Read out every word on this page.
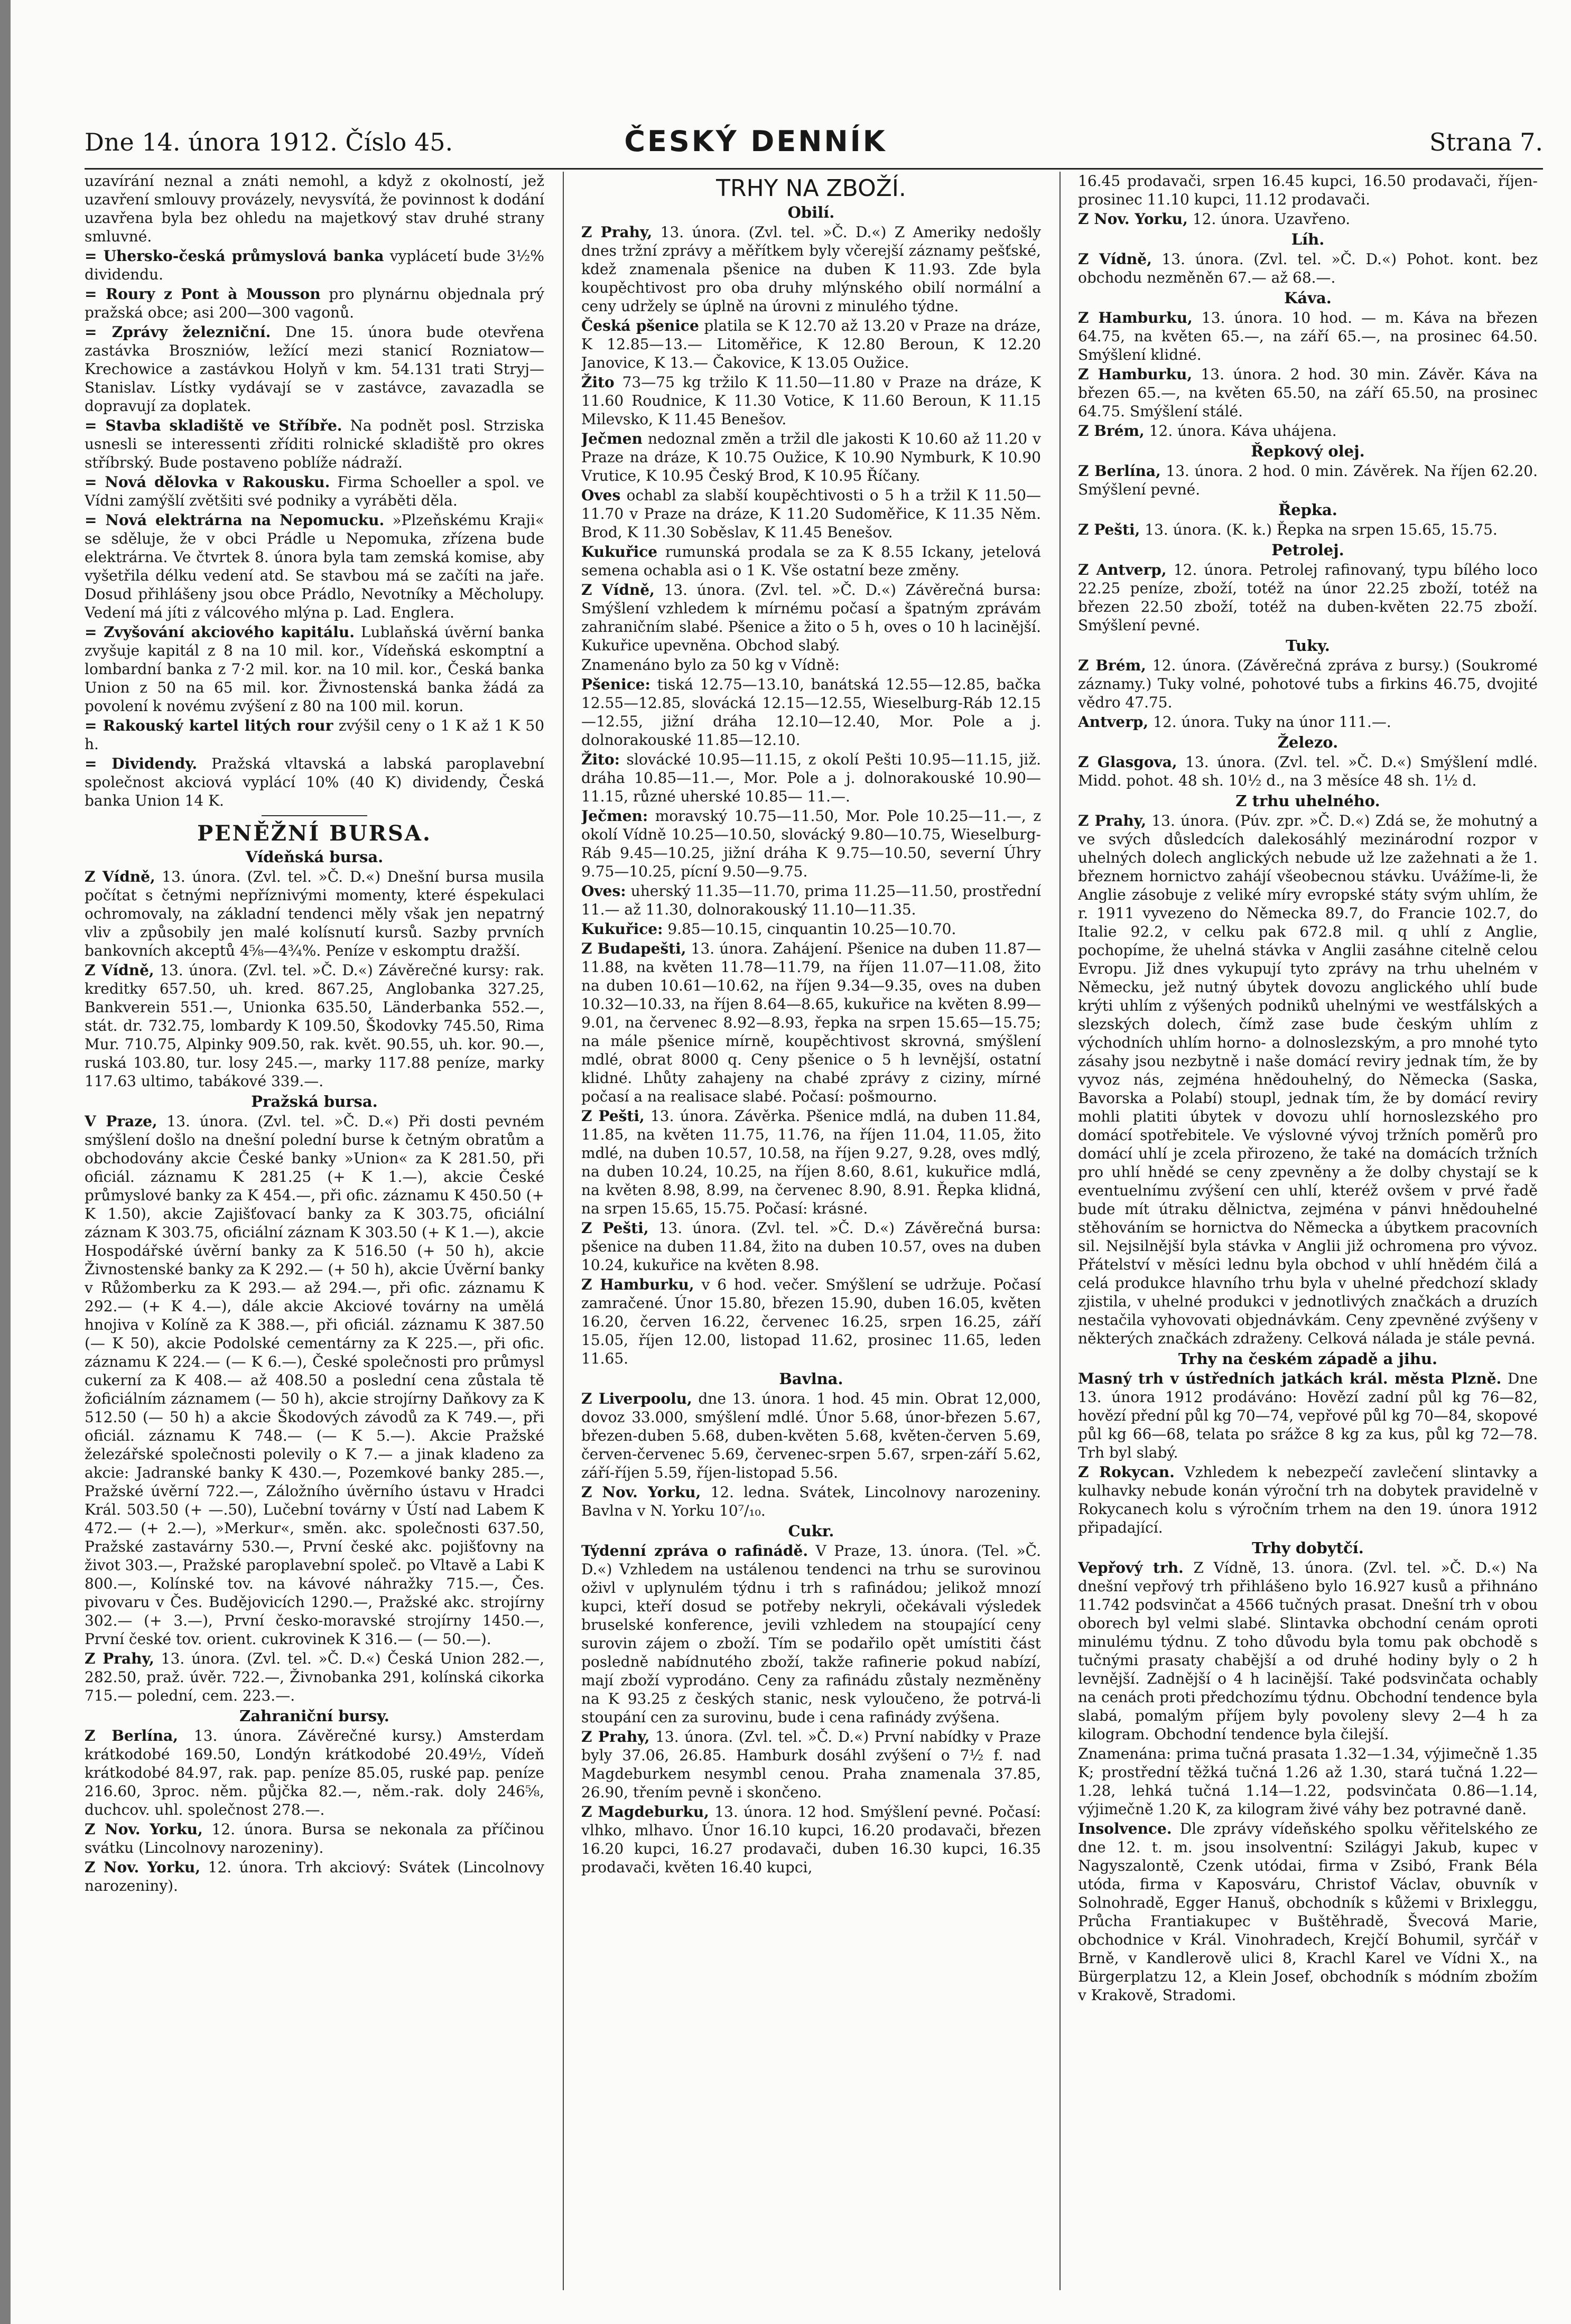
Dne 14. února 1912. Číslo 45.	ČESKÝ DENNÍK	Strana 7.

uzavírání neznal a znáti nemohl, a když z okolností, jež uzavření smlouvy provázely, nevysvítá, že povinnost k dodání uzavřena byla bez ohledu na majetkový stav druhé strany smluvné.

= Uhersko-česká průmyslová banka vyplácetí bude 3½% dividendu.

= Roury z Pont à Mousson pro plynárnu objednala prý pražská obce; asi 200—300 vagonů.

= Zprávy železniční. Dne 15. února bude otevřena zastávka Broszniów, ležící mezi stanicí Rozniatow—Krechowice a zastávkou Holyň v km. 54.131 trati Stryj—Stanislav. Lístky vydávají se v zastávce, zavazadla se dopravují za doplatek.

= Stavba skladiště ve Stříbře. Na podnět posl. Strziska usnesli se interessenti zříditi rolnické skladiště pro okres stříbrský. Bude postaveno poblíže nádraží.

= Nová dělovka v Rakousku. Firma Schoeller a spol. ve Vídni zamýšlí zvětšiti své podniky a vyráběti děla.

= Nová elektrárna na Nepomucku. »Plzeňskému Kraji« se sděluje, že v obci Prádle u Nepomuka, zřízena bude elektrárna. Ve čtvrtek 8. února byla tam zemská komise, aby vyšetřila délku vedení atd. Se stavbou má se začíti na jaře. Dosud přihlášeny jsou obce Prádlo, Nevotníky a Měcholupy. Vedení má jíti z válcového mlýna p. Lad. Englera.

= Zvyšování akciového kapitálu. Lublaňská úvěrní banka zvyšuje kapitál z 8 na 10 mil. kor., Vídeňská eskomptní a lombardní banka z 7·2 mil. kor. na 10 mil. kor., Česká banka Union z 50 na 65 mil. kor. Živnostenská banka žádá za povolení k novému zvýšení z 80 na 100 mil. korun.

= Rakouský kartel litých rour zvýšil ceny o 1 K až 1 K 50 h.

= Dividendy. Pražská vltavská a labská paroplavební společnost akciová vyplácí 10% (40 K) dividendy, Česká banka Union 14 K.

PENĚŽNÍ BURSA.
Vídeňská bursa.

Z Vídně, 13. února. (Zvl. tel. »Č. D.«) Dnešní bursa musila počítat s četnými nepříznivými momenty, které éspekulaci ochromovaly, na základní tendenci měly však jen nepatrný vliv a způsobily jen malé kolísnutí kursů. Sazby prvních bankovních akceptů 4⅝—4¾%. Peníze v eskomptu dražší.

Z Vídně, 13. února. (Zvl. tel. »Č. D.«) Závěrečné kursy: rak. kreditky 657.50, uh. kred. 867.25, Anglobanka 327.25, Bankverein 551.—, Unionka 635.50, Länderbanka 552.—, stát. dr. 732.75, lombardy K 109.50, Škodovky 745.50, Rima Mur. 710.75, Alpinky 909.50, rak. květ. 90.55, uh. kor. 90.—, ruská 103.80, tur. losy 245.—, marky 117.88 peníze, marky 117.63 ultimo, tabákové 339.—.

Pražská bursa.

V Praze, 13. února. (Zvl. tel. »Č. D.«) Při dosti pevném smýšlení došlo na dnešní polední burse k četným obratům a obchodovány akcie České banky »Union« za K 281.50, při oficiál. záznamu K 281.25 (+ K 1.—), akcie České průmyslové banky za K 454.—, při ofic. záznamu K 450.50 (+ K 1.50), akcie Zajišťovací banky za K 303.75, oficiální záznam K 303.75, oficiální záznam K 303.50 (+ K 1.—), akcie Hospodářské úvěrní banky za K 516.50 (+ 50 h), akcie Živnostenské banky za K 292.— (+ 50 h), akcie Úvěrní banky v Růžomberku za K 293.— až 294.—, při ofic. záznamu K 292.— (+ K 4.—), dále akcie Akciové továrny na umělá hnojiva v Kolíně za K 388.—, při oficiál. záznamu K 387.50 (— K 50), akcie Podolské cementárny za K 225.—, při ofic. záznamu K 224.— (— K 6.—), České společnosti pro průmysl cukerní za K 408.— až 408.50 a poslední cena zůstala tě žoficiálním záznamem (— 50 h), akcie strojírny Daňkovy za K 512.50 (— 50 h) a akcie Škodových závodů za K 749.—, při oficiál. záznamu K 748.— (— K 5.—). Akcie Pražské železářské společnosti polevily o K 7.— a jinak kladeno za akcie: Jadranské banky K 430.—, Pozemkové banky 285.—, Pražské úvěrní 722.—, Záložního úvěrního ústavu v Hradci Král. 503.50 (+ —.50), Lučební továrny v Ústí nad Labem K 472.— (+ 2.—), »Merkur«, směn. akc. společnosti 637.50, Pražské zastavárny 530.—, První české akc. pojišťovny na život 303.—, Pražské paroplavební společ. po Vltavě a Labi K 800.—, Kolínské tov. na kávové náhražky 715.—, Čes. pivovaru v Čes. Budějovicích 1290.—, Pražské akc. strojírny 302.— (+ 3.—), První česko-moravské strojírny 1450.—, První české tov. orient. cukrovinek K 316.— (— 50.—).

Z Prahy, 13. února. (Zvl. tel. »Č. D.«) Česká Union 282.—, 282.50, praž. úvěr. 722.—, Živnobanka 291, kolínská cikorka 715.— polední, cem. 223.—.

Zahraniční bursy.

Z Berlína, 13. února. Závěrečné kursy.) Amsterdam krátkodobé 169.50, Londýn krátkodobé 20.49½, Vídeň krátkodobé 84.97, rak. pap. peníze 85.05, ruské pap. peníze 216.60, 3proc. něm. půjčka 82.—, něm.-rak. doly 246⅝, duchcov. uhl. společnost 278.—.

Z Nov. Yorku, 12. února. Bursa se nekonala za příčinou svátku (Lincolnovy narozeniny).

Z Nov. Yorku, 12. února. Trh akciový: Svátek (Lincolnovy narozeniny).

TRHY NA ZBOŽÍ.
Obilí.

Z Prahy, 13. února. (Zvl. tel. »Č. D.«) Z Ameriky nedošly dnes tržní zprávy a měřítkem byly včerejší záznamy pešťské, kdež znamenala pšenice na duben K 11.93. Zde byla koupěchtivost pro oba druhy mlýnského obilí normální a ceny udržely se úplně na úrovni z minulého týdne.

Česká pšenice platila se K 12.70 až 13.20 v Praze na dráze, K 12.85—13.— Litoměřice, K 12.80 Beroun, K 12.20 Janovice, K 13.— Čakovice, K 13.05 Oužice.

Žito 73—75 kg tržilo K 11.50—11.80 v Praze na dráze, K 11.60 Roudnice, K 11.30 Votice, K 11.60 Beroun, K 11.15 Milevsko, K 11.45 Benešov.

Ječmen nedoznal změn a tržil dle jakosti K 10.60 až 11.20 v Praze na dráze, K 10.75 Oužice, K 10.90 Nymburk, K 10.90 Vrutice, K 10.95 Český Brod, K 10.95 Říčany.

Oves ochabl za slabší koupěchtivosti o 5 h a tržil K 11.50—11.70 v Praze na dráze, K 11.20 Sudoměřice, K 11.35 Něm. Brod, K 11.30 Soběslav, K 11.45 Benešov.

Kukuřice rumunská prodala se za K 8.55 Ickany, jetelová semena ochabla asi o 1 K. Vše ostatní beze změny.

Z Vídně, 13. února. (Zvl. tel. »Č. D.«) Závěrečná bursa: Smýšlení vzhledem k mírnému počasí a špatným zprávám zahraničním slabé. Pšenice a žito o 5 h, oves o 10 h lacinější. Kukuřice upevněna. Obchod slabý.

Znamenáno bylo za 50 kg v Vídně:

Pšenice: tiská 12.75—13.10, banátská 12.55—12.85, bačka 12.55—12.85, slovácká 12.15—12.55, Wieselburg-Ráb 12.15—12.55, jižní dráha 12.10—12.40, Mor. Pole a j. dolnorakouské 11.85—12.10.

Žito: slovácké 10.95—11.15, z okolí Pešti 10.95—11.15, již. dráha 10.85—11.—, Mor. Pole a j. dolnorakouské 10.90—11.15, různé uherské 10.85— 11.—.

Ječmen: moravský 10.75—11.50, Mor. Pole 10.25—11.—, z okolí Vídně 10.25—10.50, slovácký 9.80—10.75, Wieselburg-Ráb 9.45—10.25, jižní dráha K 9.75—10.50, severní Úhry 9.75—10.25, pícní 9.50—9.75.

Oves: uherský 11.35—11.70, prima 11.25—11.50, prostřední 11.— až 11.30, dolnorakouský 11.10—11.35.

Kukuřice: 9.85—10.15, cinquantin 10.25—10.70.

Z Budapešti, 13. února. Zahájení. Pšenice na duben 11.87—11.88, na květen 11.78—11.79, na říjen 11.07—11.08, žito na duben 10.61—10.62, na říjen 9.34—9.35, oves na duben 10.32—10.33, na říjen 8.64—8.65, kukuřice na květen 8.99—9.01, na červenec 8.92—8.93, řepka na srpen 15.65—15.75; na mále pšenice mírně, koupěchtivost skrovná, smýšlení mdlé, obrat 8000 q. Ceny pšenice o 5 h levnější, ostatní klidné. Lhůty zahajeny na chabé zprávy z ciziny, mírné počasí a na realisace slabé. Počasí: pošmourno.

Z Pešti, 13. února. Závěrka. Pšenice mdlá, na duben 11.84, 11.85, na květen 11.75, 11.76, na říjen 11.04, 11.05, žito mdlé, na duben 10.57, 10.58, na říjen 9.27, 9.28, oves mdlý, na duben 10.24, 10.25, na říjen 8.60, 8.61, kukuřice mdlá, na květen 8.98, 8.99, na červenec 8.90, 8.91. Řepka klidná, na srpen 15.65, 15.75. Počasí: krásné.

Z Pešti, 13. února. (Zvl. tel. »Č. D.«) Závěrečná bursa: pšenice na duben 11.84, žito na duben 10.57, oves na duben 10.24, kukuřice na květen 8.98.

Z Hamburku, v 6 hod. večer. Smýšlení se udržuje. Počasí zamračené. Únor 15.80, březen 15.90, duben 16.05, květen 16.20, červen 16.22, červenec 16.25, srpen 16.25, září 15.05, říjen 12.00, listopad 11.62, prosinec 11.65, leden 11.65.

Bavlna.

Z Liverpoolu, dne 13. února. 1 hod. 45 min. Obrat 12,000, dovoz 33.000, smýšlení mdlé. Únor 5.68, únor-březen 5.67, březen-duben 5.68, duben-květen 5.68, květen-červen 5.69, červen-červenec 5.69, červenec-srpen 5.67, srpen-září 5.62, září-říjen 5.59, říjen-listopad 5.56.

Z Nov. Yorku, 12. ledna. Svátek, Lincolnovy narozeniny. Bavlna v N. Yorku 10⁷/₁₀.

Cukr.

Týdenní zpráva o rafinádě. V Praze, 13. února. (Tel. »Č. D.«) Vzhledem na ustálenou tendenci na trhu se surovinou oživl v uplynulém týdnu i trh s rafinádou; jelikož mnozí kupci, kteří dosud se potřeby nekryli, očekávali výsledek bruselské konference, jevili vzhledem na stoupající ceny surovin zájem o zboží. Tím se podařilo opět umístiti část posledně nabídnutého zboží, takže rafinerie pokud nabízí, mají zboží vyprodáno. Ceny za rafinádu zůstaly nezměněny na K 93.25 z českých stanic, nesk vyloučeno, že potrvá-li stoupání cen za surovinu, bude i cena rafinády zvýšena.

Z Prahy, 13. února. (Zvl. tel. »Č. D.«) První nabídky v Praze byly 37.06, 26.85. Hamburk dosáhl zvýšení o 7½ f. nad Magdeburkem nesymbl cenou. Praha znamenala 37.85, 26.90, třením pevně i skončeno.

Z Magdeburku, 13. února. 12 hod. Smýšlení pevné. Počasí: vlhko, mlhavo. Únor 16.10 kupci, 16.20 prodavači, březen 16.20 kupci, 16.27 prodavači, duben 16.30 kupci, 16.35 prodavači, květen 16.40 kupci,

16.45 prodavači, srpen 16.45 kupci, 16.50 prodavači, říjen-prosinec 11.10 kupci, 11.12 prodavači.

Z Nov. Yorku, 12. února. Uzavřeno.

Líh.

Z Vídně, 13. února. (Zvl. tel. »Č. D.«) Pohot. kont. bez obchodu nezměněn 67.— až 68.—.

Káva.

Z Hamburku, 13. února. 10 hod. — m. Káva na březen 64.75, na květen 65.—, na září 65.—, na prosinec 64.50. Smýšlení klidné.

Z Hamburku, 13. února. 2 hod. 30 min. Závěr. Káva na březen 65.—, na květen 65.50, na září 65.50, na prosinec 64.75. Smýšlení stálé.

Z Brém, 12. února. Káva uhájena.

Řepkový olej.

Z Berlína, 13. února. 2 hod. 0 min. Závěrek. Na říjen 62.20. Smýšlení pevné.

Řepka.

Z Pešti, 13. února. (K. k.) Řepka na srpen 15.65, 15.75.

Petrolej.

Z Antverp, 12. února. Petrolej rafinovaný, typu bílého loco 22.25 peníze, zboží, totéž na únor 22.25 zboží, totéž na březen 22.50 zboží, totéž na duben-květen 22.75 zboží. Smýšlení pevné.

Tuky.

Z Brém, 12. února. (Závěrečná zpráva z bursy.) (Soukromé záznamy.) Tuky volné, pohotové tubs a firkins 46.75, dvojité vědro 47.75.

Antverp, 12. února. Tuky na únor 111.—.

Železo.

Z Glasgova, 13. února. (Zvl. tel. »Č. D.«) Smýšlení mdlé. Midd. pohot. 48 sh. 10½ d., na 3 měsíce 48 sh. 1½ d.

Z trhu uhelného.

Z Prahy, 13. února. (Púv. zpr. »Č. D.«) Zdá se, že mohutný a ve svých důsledcích dalekosáhlý mezinárodní rozpor v uhelných dolech anglických nebude už lze zažehnati a že 1. březnem hornictvo zahájí všeobecnou stávku. Uvážíme-li, že Anglie zásobuje z veliké míry evropské státy svým uhlím, že r. 1911 vyvezeno do Německa 89.7, do Francie 102.7, do Italie 92.2, v celku pak 672.8 mil. q uhlí z Anglie, pochopíme, že uhelná stávka v Anglii zasáhne citelně celou Evropu. Již dnes vykupují tyto zprávy na trhu uhelném v Německu, jež nutný úbytek dovozu anglického uhlí bude krýti uhlím z výšených podniků uhelnými ve westfálských a slezských dolech, čímž zase bude českým uhlím z východních uhlím horno- a dolnoslezským, a pro mnohé tyto zásahy jsou nezbytně i naše domácí reviry jednak tím, že by vyvoz nás, zejména hnědouhelný, do Německa (Saska, Bavorska a Polabí) stoupl, jednak tím, že by domácí reviry mohli platiti úbytek v dovozu uhlí hornoslezského pro domácí spotřebitele. Ve výslovné vývoj tržních poměrů pro domácí uhlí je zcela přirozeno, že také na domácích tržních pro uhlí hnědé se ceny zpevněny a že dolby chystají se k eventuelnímu zvýšení cen uhlí, kteréž ovšem v prvé řadě bude mít útraku dělnictva, zejména v pánvi hnědouhelné stěhováním se hornictva do Německa a úbytkem pracovních sil. Nejsilnější byla stávka v Anglii již ochromena pro vývoz. Přátelství v měsíci lednu byla obchod v uhlí hnědém čilá a celá produkce hlavního trhu byla v uhelné předchozí sklady zjistila, v uhelné produkci v jednotlivých značkách a druzích nestačila vyhovovati objednávkám. Ceny zpevněné zvýšeny v některých značkách zdraženy. Celková nálada je stále pevná.

Trhy na českém západě a jihu.

Masný trh v ústředních jatkách král. města Plzně. Dne 13. února 1912 prodáváno: Hovězí zadní půl kg 76—82, hovězí přední půl kg 70—74, vepřové půl kg 70—84, skopové půl kg 66—68, telata po srážce 8 kg za kus, půl kg 72—78. Trh byl slabý.

Z Rokycan. Vzhledem k nebezpečí zavlečení slintavky a kulhavky nebude konán výroční trh na dobytek pravidelně v Rokycanech kolu s výročním trhem na den 19. února 1912 připadající.

Trhy dobytčí.

Vepřový trh. Z Vídně, 13. února. (Zvl. tel. »Č. D.«) Na dnešní vepřový trh přihlášeno bylo 16.927 kusů a přihnáno 11.742 podsvinčat a 4566 tučných prasat. Dnešní trh v obou oborech byl velmi slabé. Slintavka obchodní cenám oproti minulému týdnu. Z toho důvodu byla tomu pak obchodě s tučnými prasaty chabější a od druhé hodiny byly o 2 h levnější. Zadnější o 4 h lacinější. Také podsvinčata ochably na cenách proti předchozímu týdnu. Obchodní tendence byla slabá, pomalým příjem byly povoleny slevy 2—4 h za kilogram. Obchodní tendence byla čilejší.

Znamenána: prima tučná prasata 1.32—1.34, výjimečně 1.35 K; prostřední těžká tučná 1.26 až 1.30, stará tučná 1.22—1.28, lehká tučná 1.14—1.22, podsvinčata 0.86—1.14, výjimečně 1.20 K, za kilogram živé váhy bez potravné daně.

Insolvence. Dle zprávy vídeňského spolku věřitelského ze dne 12. t. m. jsou insolventní: Szilágyi Jakub, kupec v Nagyszalontě, Czenk utódai, firma v Zsibó, Frank Béla utóda, firma v Kaposváru, Christof Václav, obuvník v Solnohradě, Egger Hanuš, obchodník s kůžemi v Brixleggu, Průcha Frantiakupec v Buštěhradě, Švecová Marie, obchodnice v Král. Vinohradech, Krejčí Bohumil, syrčář v Brně, v Kandlerově ulici 8, Krachl Karel ve Vídni X., na Bürgerplatzu 12, a Klein Josef, obchodník s módním zbožím v Krakově, Stradomi.
